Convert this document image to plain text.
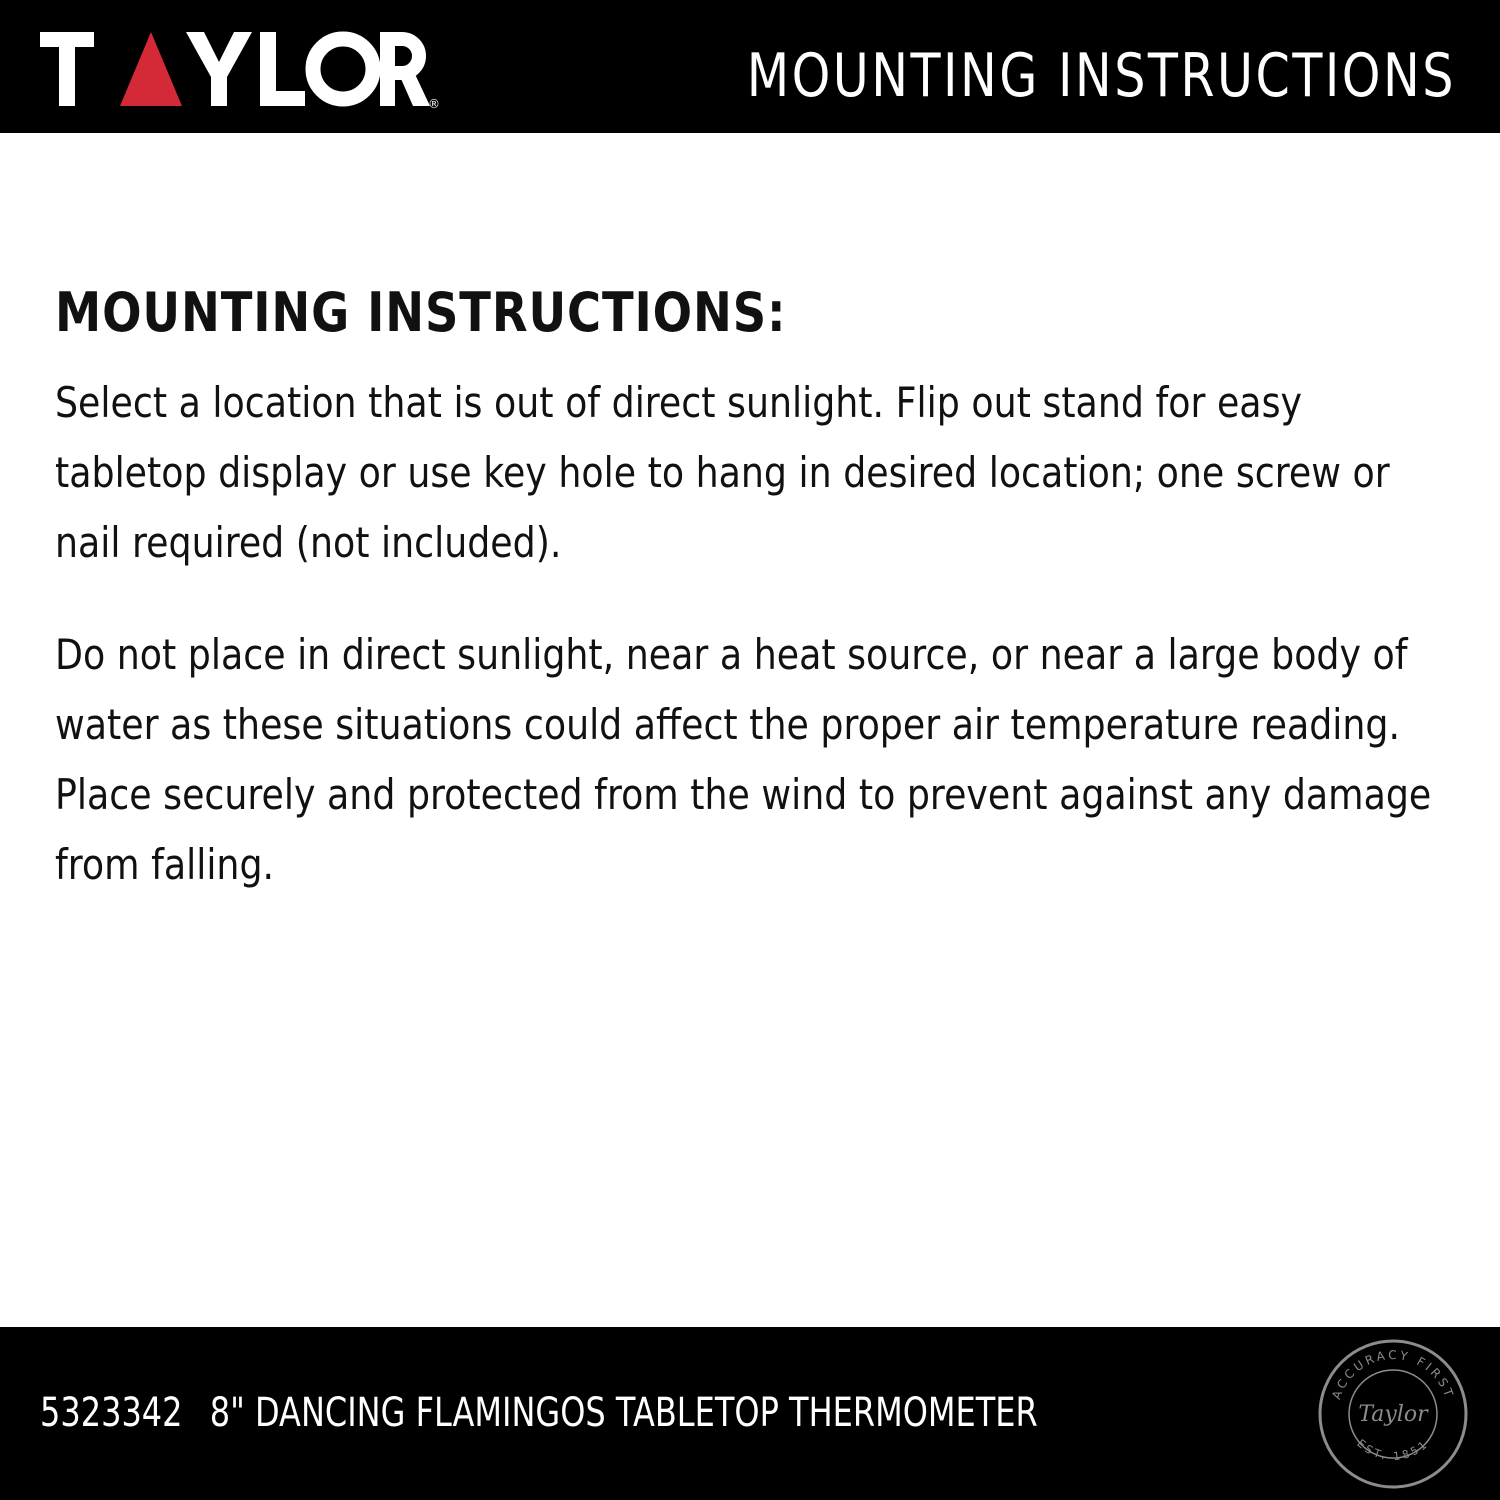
®	MOUNTING INSTRUCTIONS
MOUNTING INSTRUCTIONS:

Select a location that is out of direct sunlight. Flip out stand for easy tabletop display or use key hole to hang in desired location; one screw or nail required (not included).

Do not place in direct sunlight, near a heat source, or near a large body of water as these situations could affect the proper air temperature reading. Place securely and protected from the wind to prevent against any damage from falling.

5323342 8" DANCING FLAMINGOS TABLETOP THERMOMETER	ACCURACY FIRST
Taylor
EST. 1851
